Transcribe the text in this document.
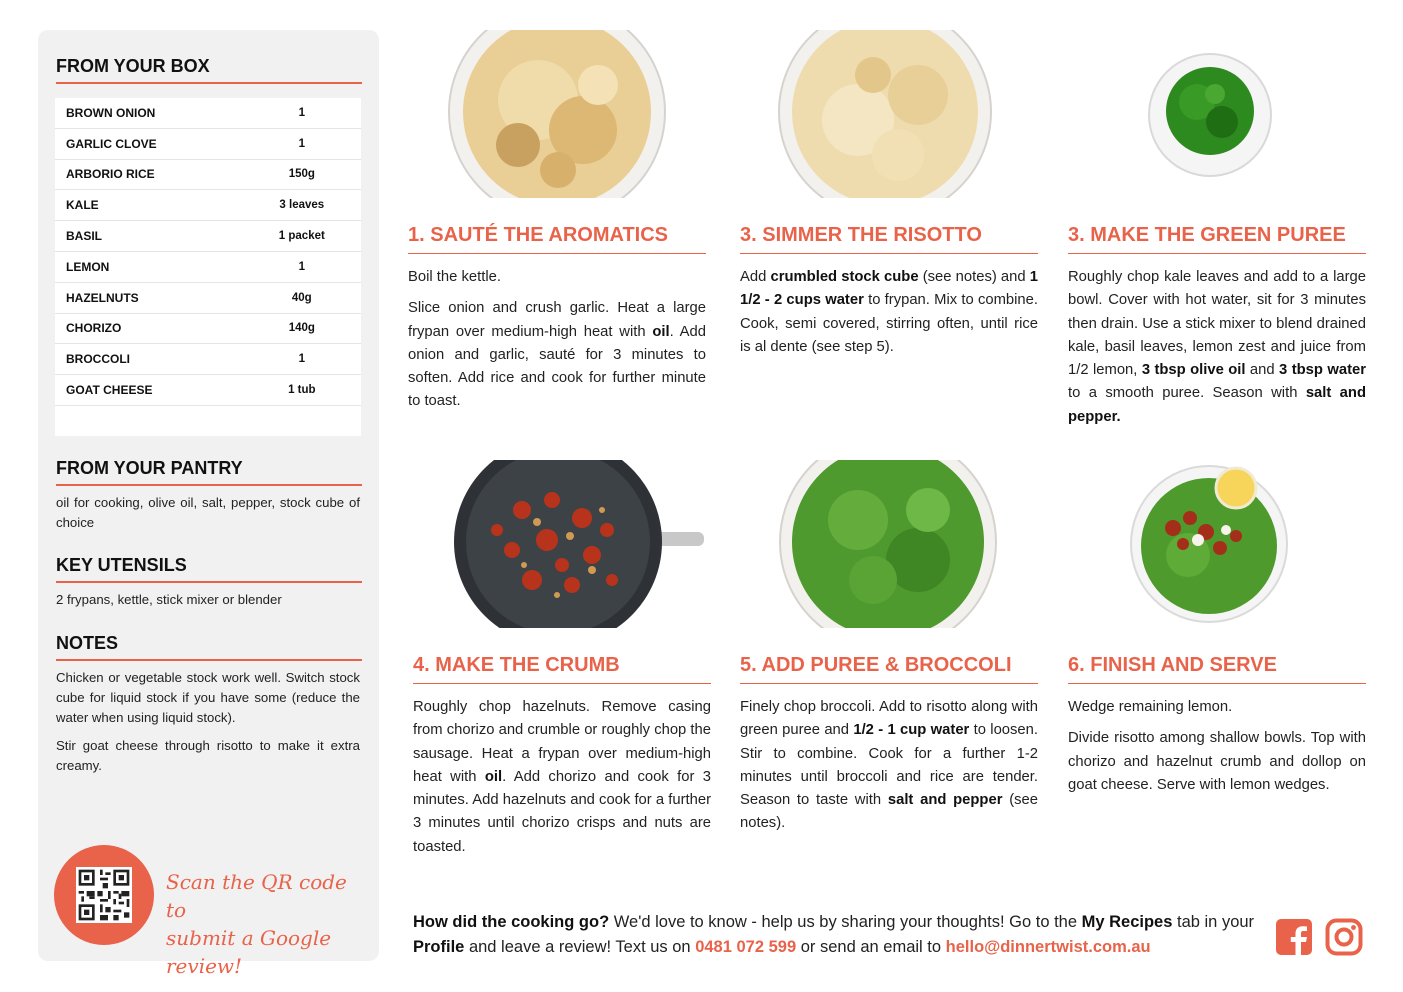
FROM YOUR BOX
BROWN ONION	1
GARLIC CLOVE	1
ARBORIO RICE	150g
KALE	3 leaves
BASIL	1 packet
LEMON	1
HAZELNUTS	40g
CHORIZO	140g
BROCCOLI	1
GOAT CHEESE	1 tub
FROM YOUR PANTRY
oil for cooking, olive oil, salt, pepper, stock cube of choice
KEY UTENSILS
2 frypans, kettle, stick mixer or blender
NOTES
Chicken or vegetable stock work well. Switch stock cube for liquid stock if you have some (reduce the water when using liquid stock).
Stir goat cheese through risotto to make it extra creamy.
Scan the QR code to
submit a Google review!
1. SAUTÉ THE AROMATICS

Boil the kettle.

Slice onion and crush garlic. Heat a large frypan over medium-high heat with oil. Add onion and garlic, sauté for 3 minutes to soften. Add rice and cook for further minute to toast.

3. SIMMER THE RISOTTO

Add crumbled stock cube (see notes) and 1 1/2 - 2 cups water to frypan. Mix to combine. Cook, semi covered, stirring often, until rice is al dente (see step 5).

3. MAKE THE GREEN PUREE

Roughly chop kale leaves and add to a large bowl. Cover with hot water, sit for 3 minutes then drain. Use a stick mixer to blend drained kale, basil leaves, lemon zest and juice from 1/2 lemon, 3 tbsp olive oil and 3 tbsp water to a smooth puree. Season with salt and pepper.

4. MAKE THE CRUMB

Roughly chop hazelnuts. Remove casing from chorizo and crumble or roughly chop the sausage. Heat a frypan over medium-high heat with oil. Add chorizo and cook for 3 minutes. Add hazelnuts and cook for a further 3 minutes until chorizo crisps and nuts are toasted.

5. ADD PUREE & BROCCOLI

Finely chop broccoli. Add to risotto along with green puree and 1/2 - 1 cup water to loosen. Stir to combine. Cook for a further 1-2 minutes until broccoli and rice are tender. Season to taste with salt and pepper (see notes).

6. FINISH AND SERVE

Wedge remaining lemon.

Divide risotto among shallow bowls. Top with chorizo and hazelnut crumb and dollop on goat cheese. Serve with lemon wedges.

How did the cooking go? We'd love to know - help us by sharing your thoughts! Go to the My Recipes tab in your Profile and leave a review! Text us on 0481 072 599 or send an email to hello@dinnertwist.com.au
